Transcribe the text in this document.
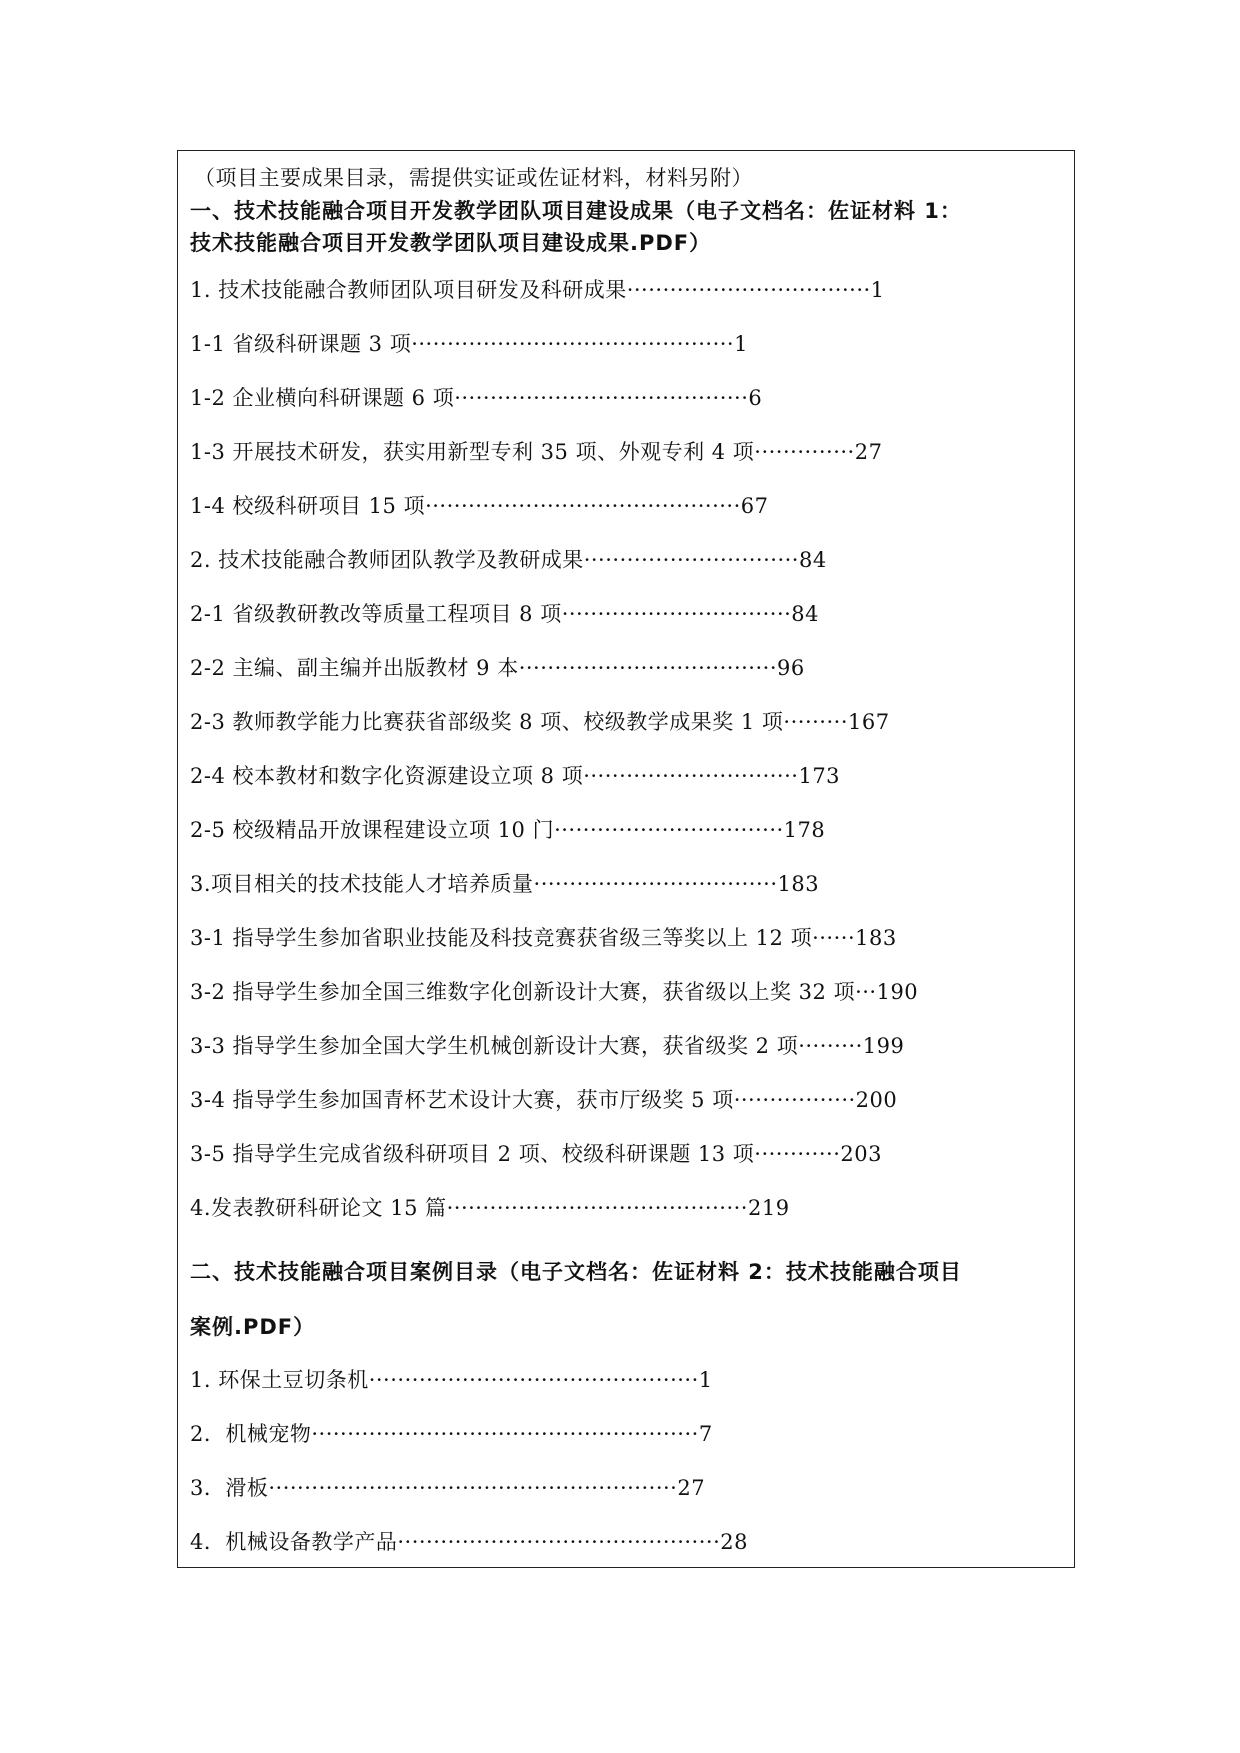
（项目主要成果目录，需提供实证或佐证材料，材料另附）
一、技术技能融合项目开发教学团队项目建设成果（电子文档名：佐证材料 1：
技术技能融合项目开发教学团队项目建设成果.PDF）
1. 技术技能融合教师团队项目研发及科研成果··································1
1-1 省级科研课题 3 项·············································1
1-2 企业横向科研课题 6 项·········································6
1-3 开展技术研发，获实用新型专利 35 项、外观专利 4 项··············27
1-4 校级科研项目 15 项············································67
2. 技术技能融合教师团队教学及教研成果······························84
2-1 省级教研教改等质量工程项目 8 项································84
2-2 主编、副主编并出版教材 9 本····································96
2-3 教师教学能力比赛获省部级奖 8 项、校级教学成果奖 1 项·········167
2-4 校本教材和数字化资源建设立项 8 项······························173
2-5 校级精品开放课程建设立项 10 门································178
3.项目相关的技术技能人才培养质量··································183
3-1 指导学生参加省职业技能及科技竞赛获省级三等奖以上 12 项······183
3-2 指导学生参加全国三维数字化创新设计大赛，获省级以上奖 32 项···190
3-3 指导学生参加全国大学生机械创新设计大赛，获省级奖 2 项·········199
3-4 指导学生参加国青杯艺术设计大赛，获市厅级奖 5 项·················200
3-5 指导学生完成省级科研项目 2 项、校级科研课题 13 项············203
4.发表教研科研论文 15 篇··········································219
二、技术技能融合项目案例目录（电子文档名：佐证材料 2：技术技能融合项目
案例.PDF）
1. 环保土豆切条机··············································1
2．机械宠物······················································7
3．滑板·························································27
4．机械设备教学产品·············································28
